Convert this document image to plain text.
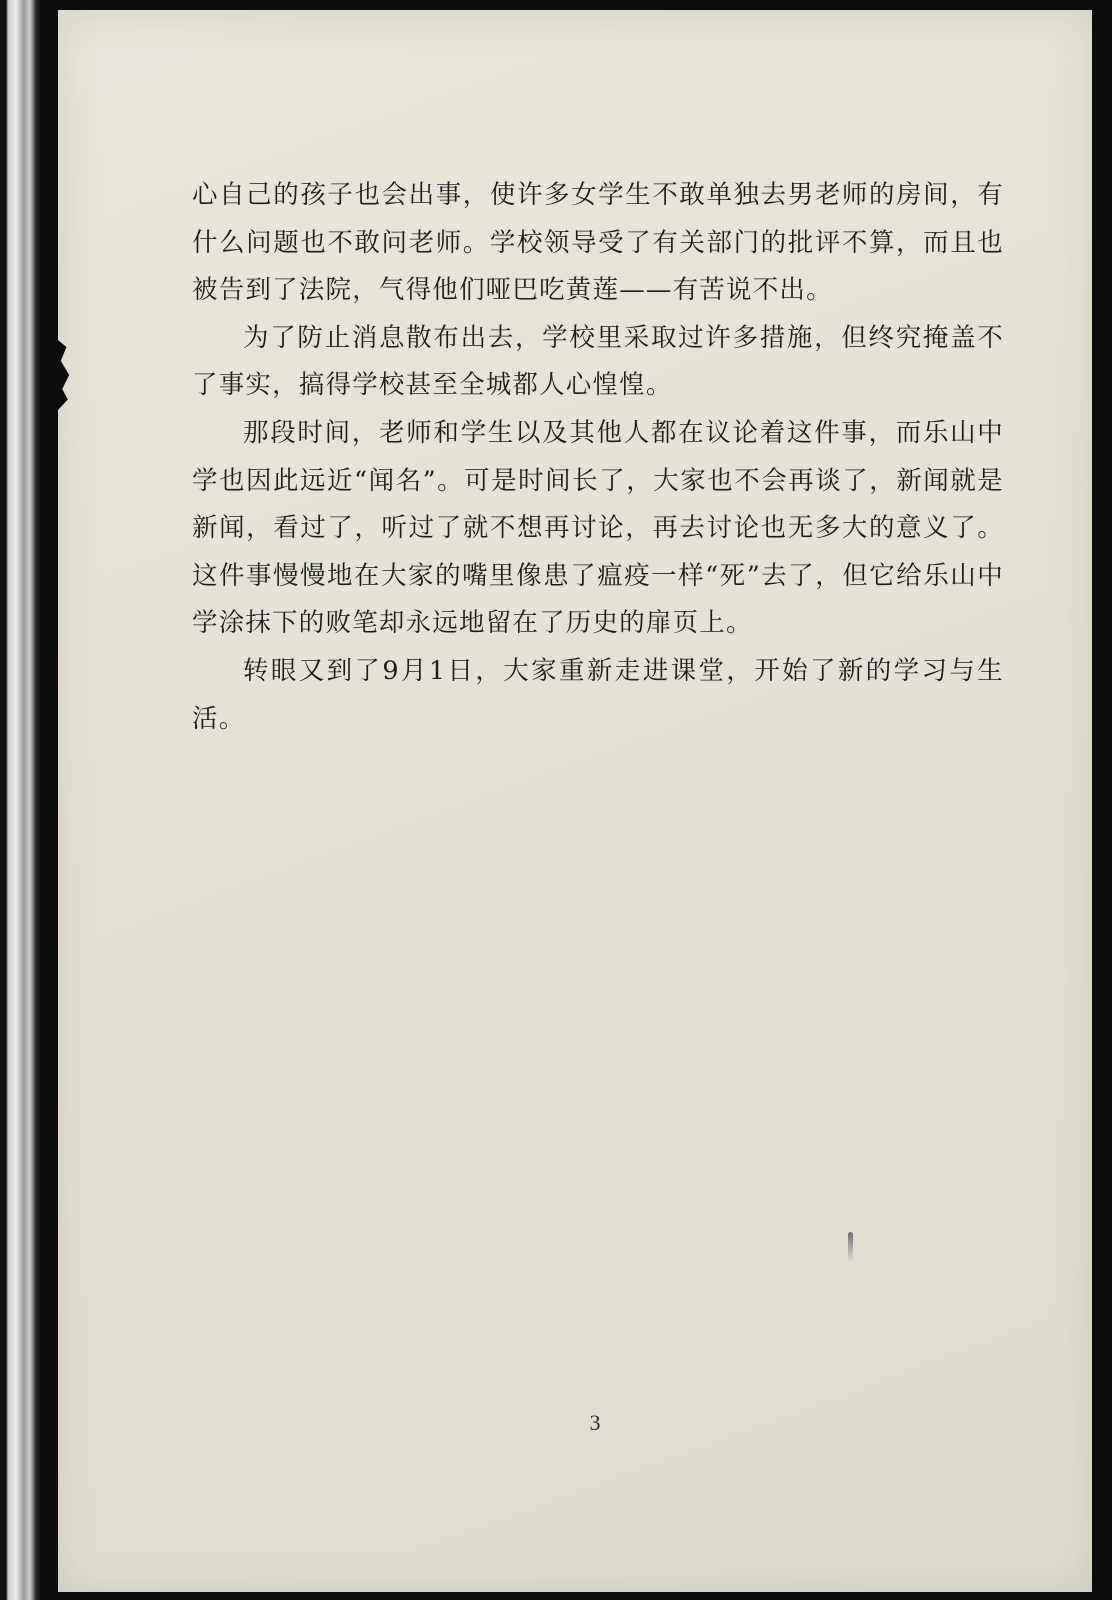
心自己的孩子也会出事，使许多女学生不敢单独去男老师的房间，有什么问题也不敢问老师。学校领导受了有关部门的批评不算，而且也被告到了法院，气得他们哑巴吃黄莲——有苦说不出。

为了防止消息散布出去，学校里采取过许多措施，但终究掩盖不了事实，搞得学校甚至全城都人心惶惶。

那段时间，老师和学生以及其他人都在议论着这件事，而乐山中学也因此远近“闻名”。可是时间长了，大家也不会再谈了，新闻就是新闻，看过了，听过了就不想再讨论，再去讨论也无多大的意义了。这件事慢慢地在大家的嘴里像患了瘟疫一样“死”去了，但它给乐山中学涂抹下的败笔却永远地留在了历史的扉页上。

转眼又到了9月1日，大家重新走进课堂，开始了新的学习与生活。

3
